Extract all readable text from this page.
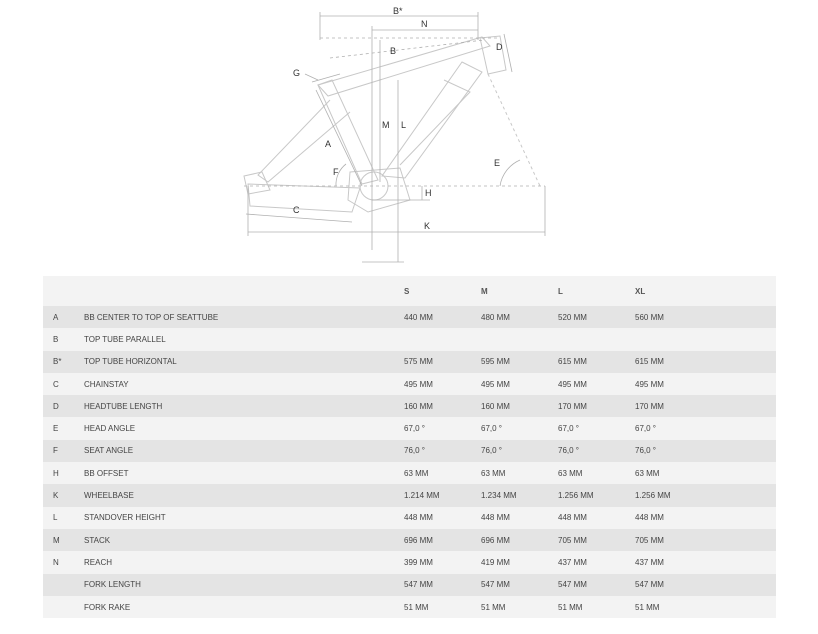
B*
N
B	D
G
M L
A
E
F
H
C
K
		S	M	L	XL
A	BB CENTER TO TOP OF SEATTUBE	440 MM	480 MM	520 MM	560 MM
B	TOP TUBE PARALLEL				
B*	TOP TUBE HORIZONTAL	575 MM	595 MM	615 MM	615 MM
C	CHAINSTAY	495 MM	495 MM	495 MM	495 MM
D	HEADTUBE LENGTH	160 MM	160 MM	170 MM	170 MM
E	HEAD ANGLE	67,0 °	67,0 °	67,0 °	67,0 °
F	SEAT ANGLE	76,0 °	76,0 °	76,0 °	76,0 °
H	BB OFFSET	63 MM	63 MM	63 MM	63 MM
K	WHEELBASE	1.214 MM	1.234 MM	1.256 MM	1.256 MM
L	STANDOVER HEIGHT	448 MM	448 MM	448 MM	448 MM
M	STACK	696 MM	696 MM	705 MM	705 MM
N	REACH	399 MM	419 MM	437 MM	437 MM
	FORK LENGTH	547 MM	547 MM	547 MM	547 MM
	FORK RAKE	51 MM	51 MM	51 MM	51 MM
